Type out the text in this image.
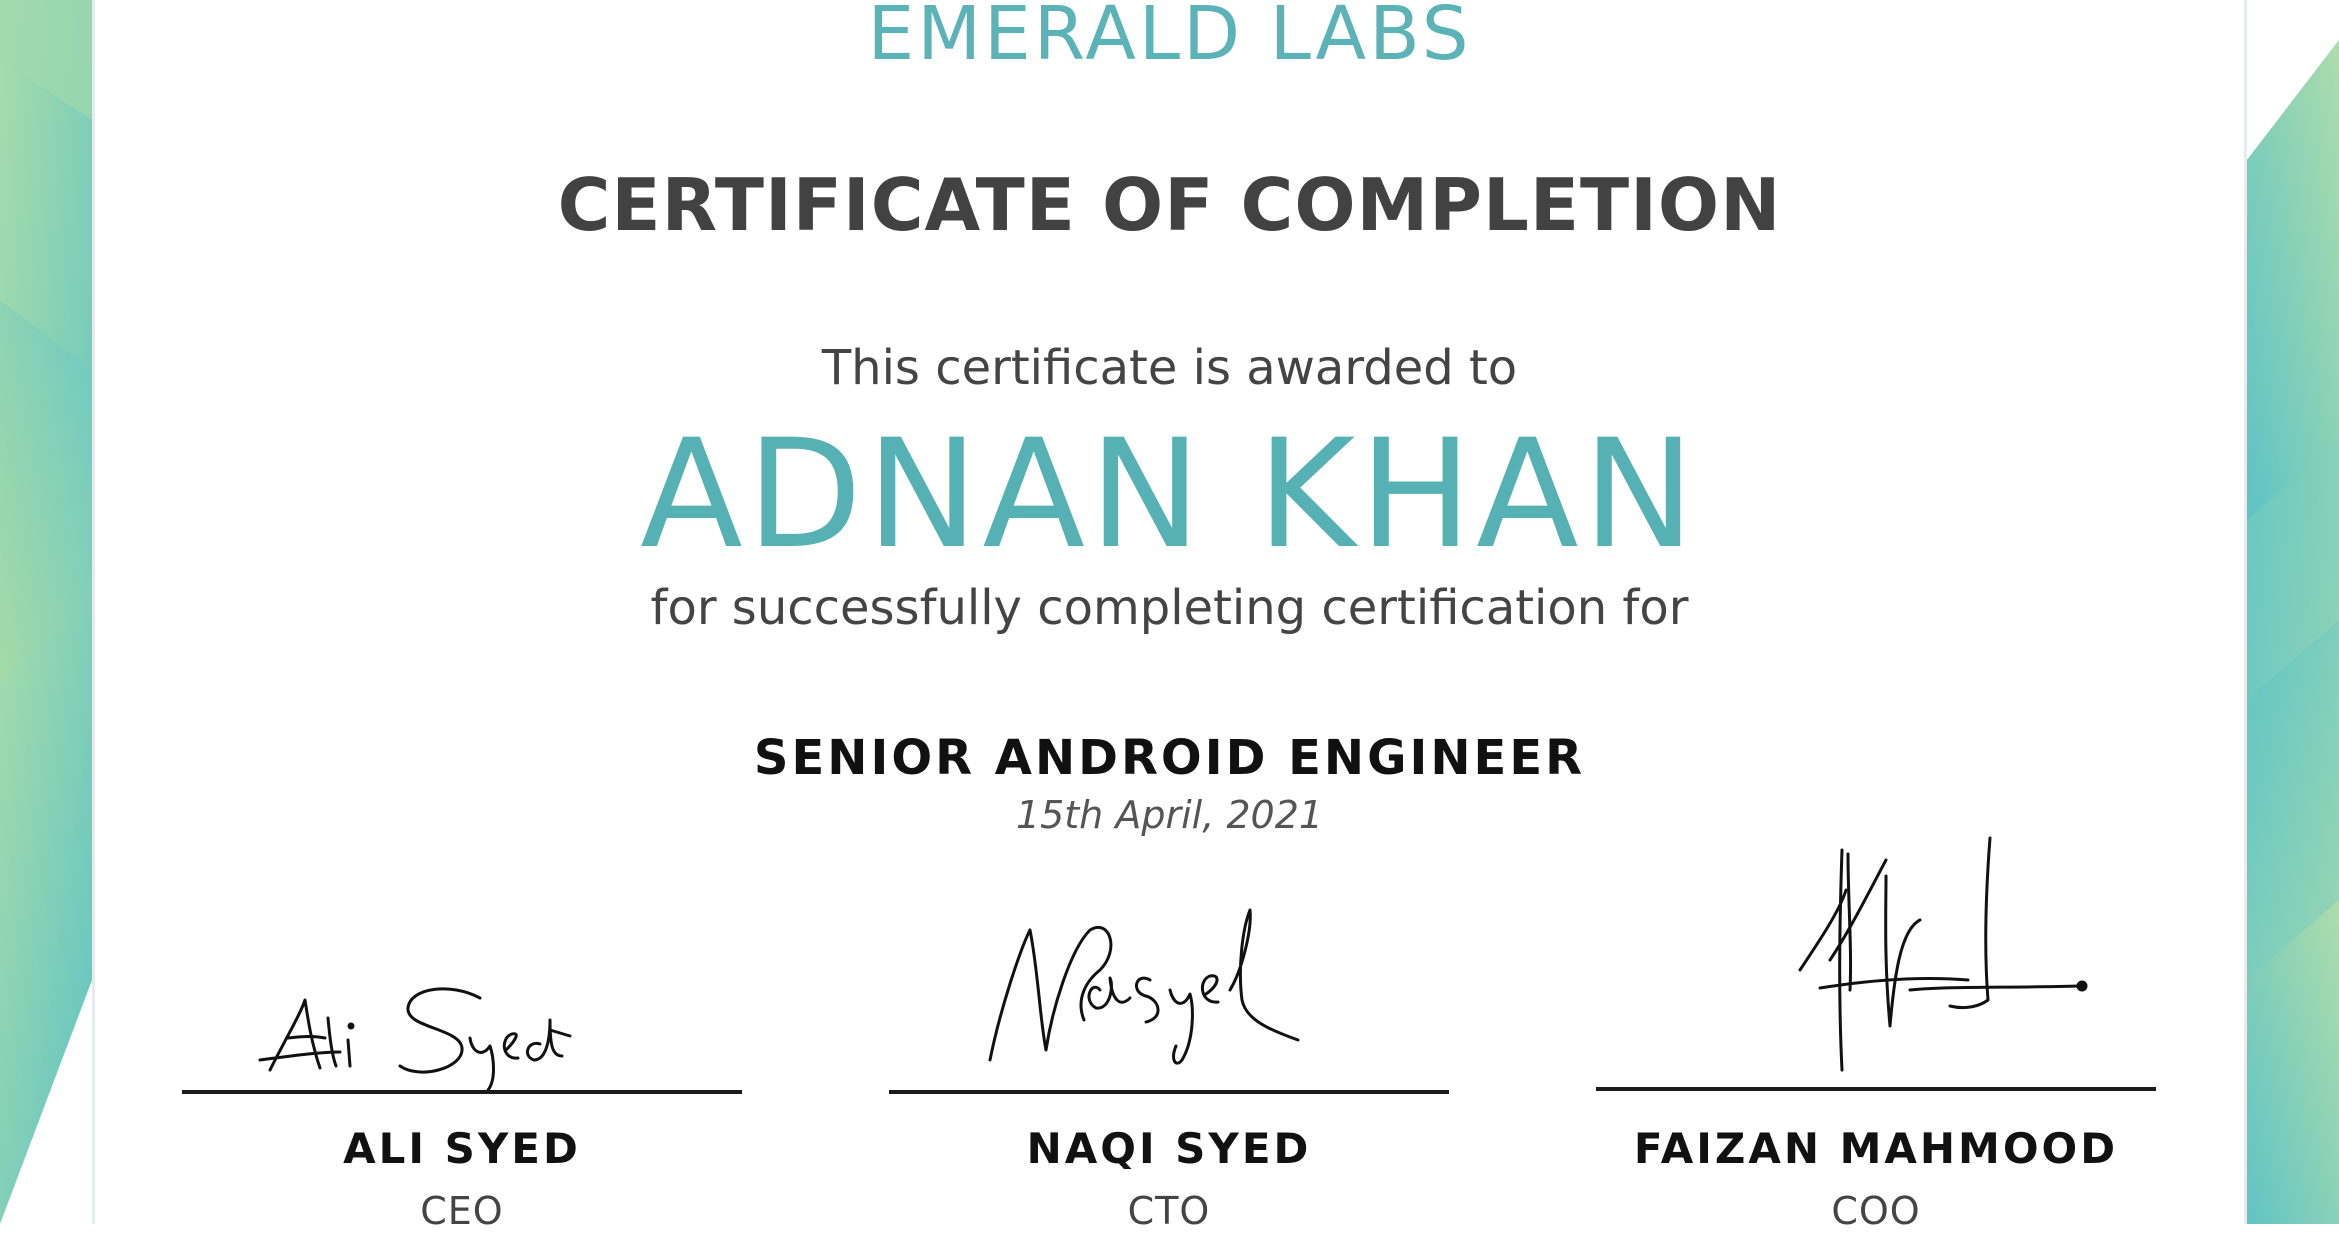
EMERALD LABS
CERTIFICATE OF COMPLETION
This certificate is awarded to
ADNAN KHAN
for successfully completing certification for
SENIOR ANDROID ENGINEER
15th April, 2021
ALI SYED
CEO
NAQI SYED
CTO
FAIZAN MAHMOOD
COO
